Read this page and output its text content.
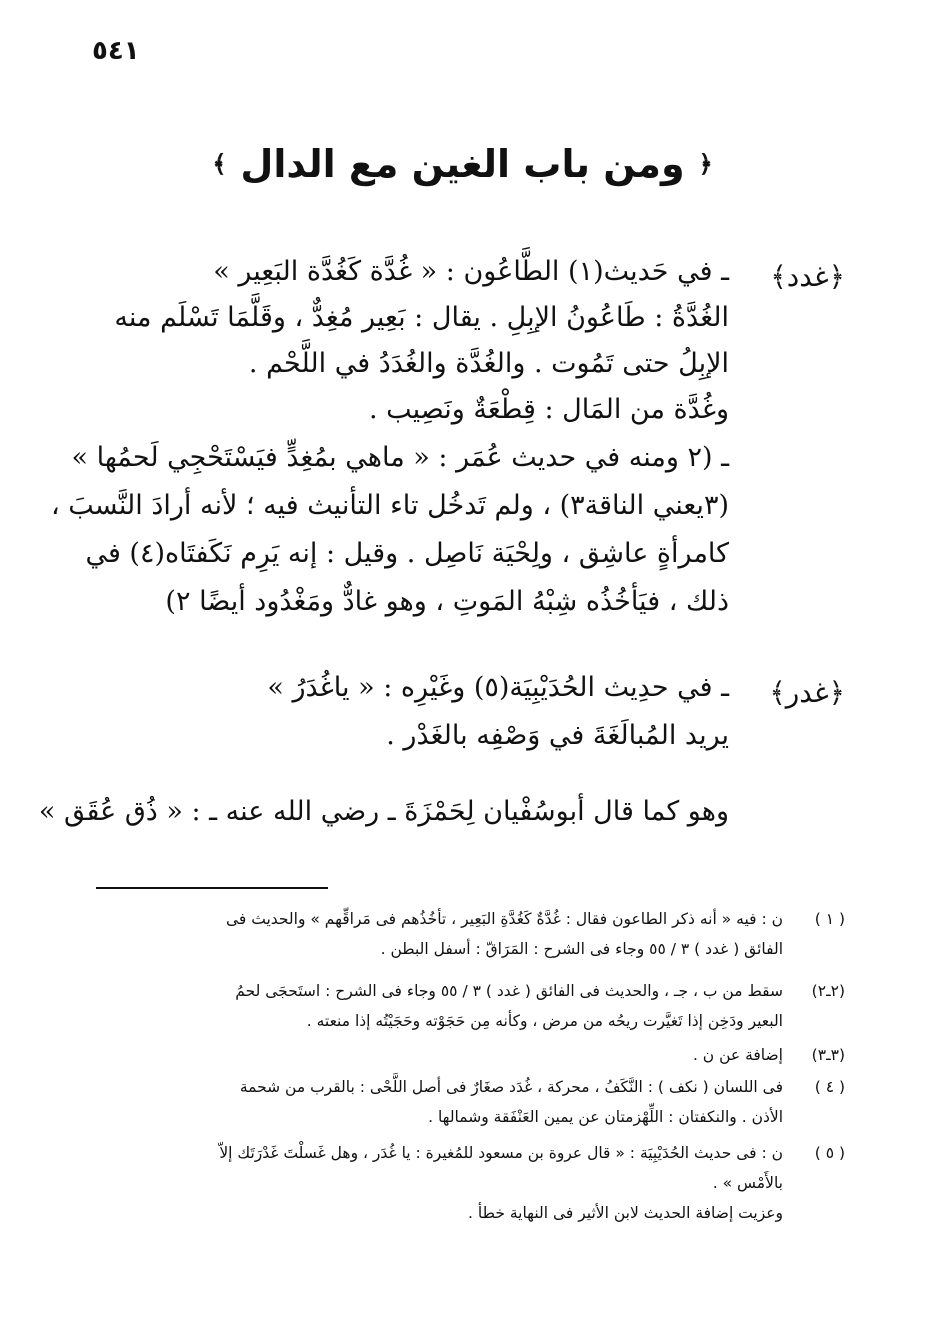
٥٤١
﴿
ومن باب الغين مع الدال
﴾
﴿غدد﴾
ـ في حَديث(١) الطَّاعُون : « غُدَّة كَغُدَّة البَعِير »
الغُدَّةُ : طَاعُونُ الإبِلِ . يقال : بَعِير مُغِدٌّ ، وقَلَّمَا تَسْلَم منه
الإبِلُ حتى تَمُوت . والغُدَّة والغُدَدُ في اللَّحْم .
وغُدَّة من المَال : قِطْعَةٌ ونَصِيب .
ـ (٢ ومنه في حديث عُمَر : « ماهي بمُغِدٍّ فيَسْتَحْجِي لَحمُها »
(٣يعني الناقة٣) ، ولم تَدخُل تاء التأنيث فيه ؛ لأنه أرادَ النَّسبَ ،
كامرأةٍ عاشِق ، ولِحْيَة نَاصِل . وقيل : إنه يَرِم نَكَفتَاه(٤) في
ذلك ، فيَأخُذُه شِبْهُ المَوتِ ، وهو غادٌّ ومَغْدُود أيضًا ٢)
﴿غدر﴾
ـ في حدِيث الحُدَيْبِيَة(٥) وغَيْرِه : « ياغُدَرُ »
يريد المُبالَغَةَ في وَصْفِه بالغَدْر .
وهو كما قال أبوسُفْيان لِحَمْزَةَ ـ رضي الله عنه ـ : « ذُق عُقَق »
( ١ )
ن : فيه « أنه ذكر الطاعون فقال : غُدَّةٌ كَغُدَّةِ البَعِير ، تأخُذُهم فى مَراقِّهم » والحديث فى
الفائق ( غدد ) ٣ / ٥٥ وجاء فى الشرح : المَرَاقّ : أسفل البطن .
(٢ـ٢)
سقط من ب ، جـ ، والحديث فى الفائق ( غدد ) ٣ / ٥٥ وجاء فى الشرح : استَحجَى لحمُ
البعير ودَخِن إذا تَغيَّرت ريحُه من مرض ، وكأنه مِن حَجَوْته وحَجَيْتُه إذا منعته .
(٣ـ٣)
إضافة عن ن .
( ٤ )
فى اللسان ( نكف ) : النَّكَفُ ، محركة ، غُدَد صغَارٌ فى أصل اللَّحْى : بالقرب من شحمة
الأذن . والنكفتان : اللِّهْزمتان عن يمين العَنْفَقة وشمالها .
( ٥ )
ن : فى حديث الحُدَيْبِيَة : « قال عروة بن مسعود للمُغيرة : يا غُدَر ، وهل غَسلْتَ غَدْرَتَك إلاّ
بالأَمْس » .
وعزيت إضافة الحديث لابن الأثير فى النهاية خطأ .
